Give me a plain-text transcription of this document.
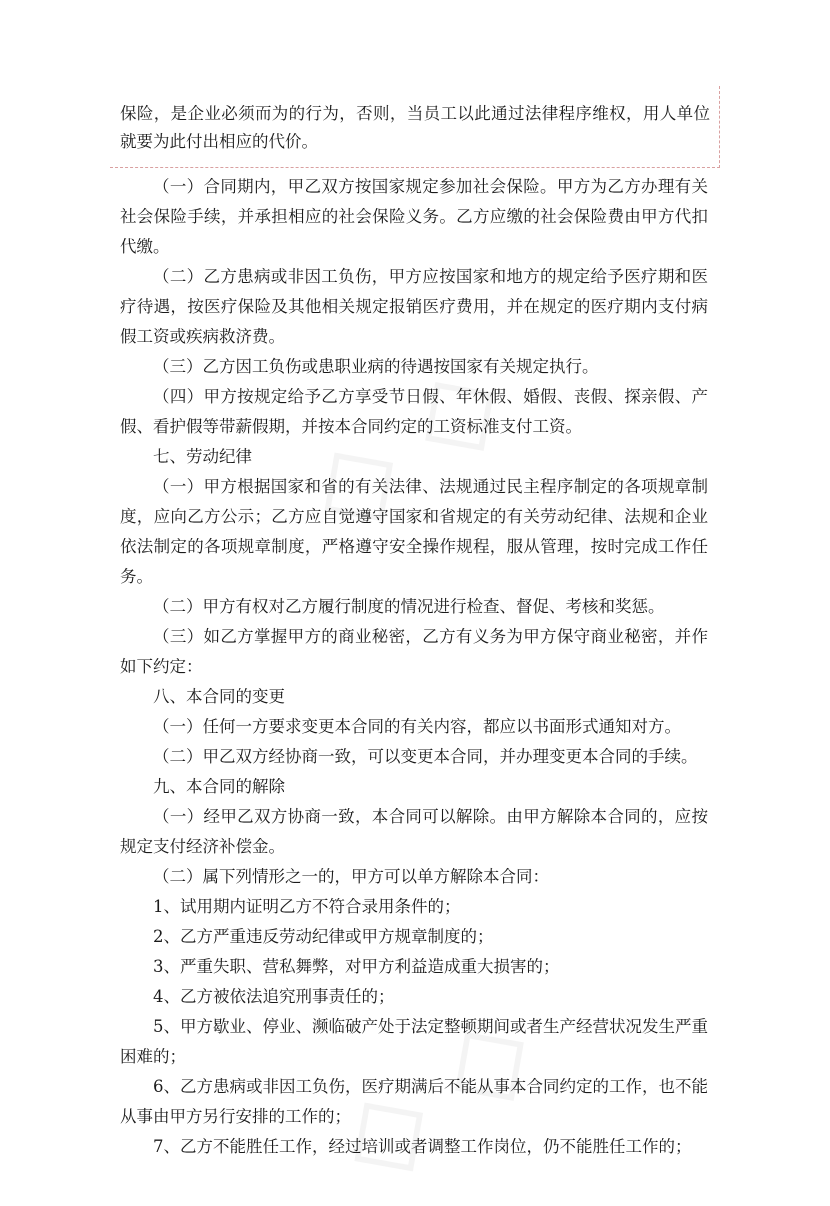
保险，是企业必须而为的行为，否则，当员工以此通过法律程序维权，用人单位就要为此付出相应的代价。

（一）合同期内，甲乙双方按国家规定参加社会保险。甲方为乙方办理有关社会保险手续，并承担相应的社会保险义务。乙方应缴的社会保险费由甲方代扣代缴。

（二）乙方患病或非因工负伤，甲方应按国家和地方的规定给予医疗期和医疗待遇，按医疗保险及其他相关规定报销医疗费用，并在规定的医疗期内支付病假工资或疾病救济费。

（三）乙方因工负伤或患职业病的待遇按国家有关规定执行。

（四）甲方按规定给予乙方享受节日假、年休假、婚假、丧假、探亲假、产假、看护假等带薪假期，并按本合同约定的工资标准支付工资。

七、劳动纪律

（一）甲方根据国家和省的有关法律、法规通过民主程序制定的各项规章制度，应向乙方公示；乙方应自觉遵守国家和省规定的有关劳动纪律、法规和企业依法制定的各项规章制度，严格遵守安全操作规程，服从管理，按时完成工作任务。

（二）甲方有权对乙方履行制度的情况进行检查、督促、考核和奖惩。

（三）如乙方掌握甲方的商业秘密，乙方有义务为甲方保守商业秘密，并作如下约定：

八、本合同的变更

（一）任何一方要求变更本合同的有关内容，都应以书面形式通知对方。

（二）甲乙双方经协商一致，可以变更本合同，并办理变更本合同的手续。

九、本合同的解除

（一）经甲乙双方协商一致，本合同可以解除。由甲方解除本合同的，应按规定支付经济补偿金。

（二）属下列情形之一的，甲方可以单方解除本合同：

1、试用期内证明乙方不符合录用条件的；

2、乙方严重违反劳动纪律或甲方规章制度的；

3、严重失职、营私舞弊，对甲方利益造成重大损害的；

4、乙方被依法追究刑事责任的；

5、甲方歇业、停业、濒临破产处于法定整顿期间或者生产经营状况发生严重困难的；

6、乙方患病或非因工负伤，医疗期满后不能从事本合同约定的工作，也不能从事由甲方另行安排的工作的；

7、乙方不能胜任工作，经过培训或者调整工作岗位，仍不能胜任工作的；
